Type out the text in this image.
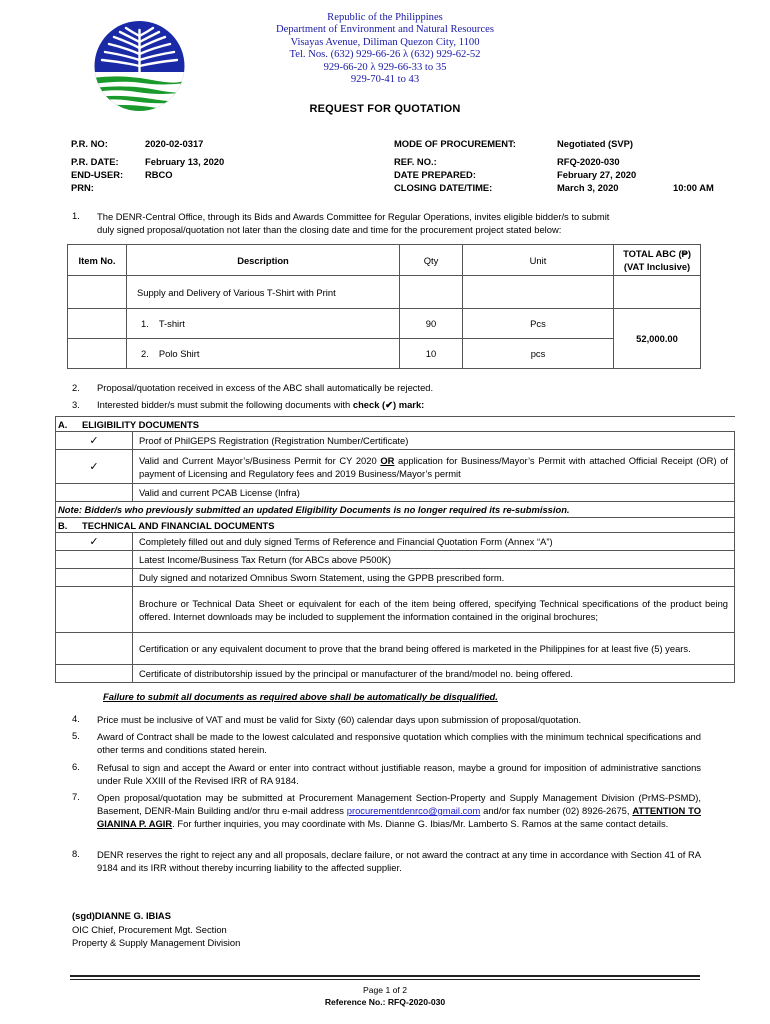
Republic of the Philippines
Department of Environment and Natural Resources
Visayas Avenue, Diliman Quezon City, 1100
Tel. Nos. (632) 929-66-26 λ (632) 929-62-52
929-66-20 λ 929-66-33 to 35
929-70-41 to 43
REQUEST FOR QUOTATION
P.R. NO:	2020-02-0317
P.R. DATE:	February 13, 2020
END-USER: RBCO
PRN:
MODE OF PROCUREMENT:	Negotiated (SVP)
REF. NO.:	RFQ-2020-030
DATE PREPARED:	February 27, 2020
CLOSING DATE/TIME:	March 3, 2020	10:00 AM
1. The DENR-Central Office, through its Bids and Awards Committee for Regular Operations, invites eligible bidder/s to submit
duly signed proposal/quotation not later than the closing date and time for the procurement project stated below:
Item No.	Description	Qty	Unit	TOTAL ABC (₱)
(VAT Inclusive)

	Supply and Delivery of Various T-Shirt with Print			
	1. T-shirt	90	Pcs	52,000.00
	2. Polo Shirt	10	pcs	
2. Proposal/quotation received in excess of the ABC shall automatically be rejected.
3. Interested bidder/s must submit the following documents with check (✔) mark:
A. ELIGIBILITY DOCUMENTS	
✓	Proof of PhilGEPS Registration (Registration Number/Certificate)
✓	Valid and Current Mayor’s/Business Permit for CY 2020 OR application for Business/Mayor’s Permit with attached Official Receipt (OR) of payment of Licensing and Regulatory fees and 2019 Business/Mayor’s permit
	Valid and current PCAB License (Infra)
Note: Bidder/s who previously submitted an updated Eligibility Documents is no longer required its re-submission.	
B. TECHNICAL AND FINANCIAL DOCUMENTS	
✓	Completely filled out and duly signed Terms of Reference and Financial Quotation Form (Annex “A”)
	Latest Income/Business Tax Return (for ABCs above P500K)
	Duly signed and notarized Omnibus Sworn Statement, using the GPPB prescribed form.
	Brochure or Technical Data Sheet or equivalent for each of the item being offered, specifying Technical specifications of the product being offered. Internet downloads may be included to supplement the information contained in the original brochures;
	Certification or any equivalent document to prove that the brand being offered is marketed in the Philippines for at least five (5) years.
	Certificate of distributorship issued by the principal or manufacturer of the brand/model no. being offered.
Failure to submit all documents as required above shall be automatically be disqualified.
4. Price must be inclusive of VAT and must be valid for Sixty (60) calendar days upon submission of proposal/quotation.
5. Award of Contract shall be made to the lowest calculated and responsive quotation which complies with the minimum technical specifications and other terms and conditions stated herein.
6. Refusal to sign and accept the Award or enter into contract without justifiable reason, maybe a ground for imposition of administrative sanctions under Rule XXIII of the Revised IRR of RA 9184.
7. Open proposal/quotation may be submitted at Procurement Management Section-Property and Supply Management Division (PrMS-PSMD), Basement, DENR-Main Building and/or thru e-mail address procurementdenrco@gmail.com and/or fax number (02) 8926-2675, ATTENTION TO GIANINA P. AGIR. For further inquiries, you may coordinate with Ms. Dianne G. Ibias/Mr. Lamberto S. Ramos at the same contact details.
8. DENR reserves the right to reject any and all proposals, declare failure, or not award the contract at any time in accordance with Section 41 of RA 9184 and its IRR without thereby incurring liability to the affected supplier.
(sgd)DIANNE G. IBIAS
OIC Chief, Procurement Mgt. Section
Property & Supply Management Division
Page 1 of 2
Reference No.: RFQ-2020-030
